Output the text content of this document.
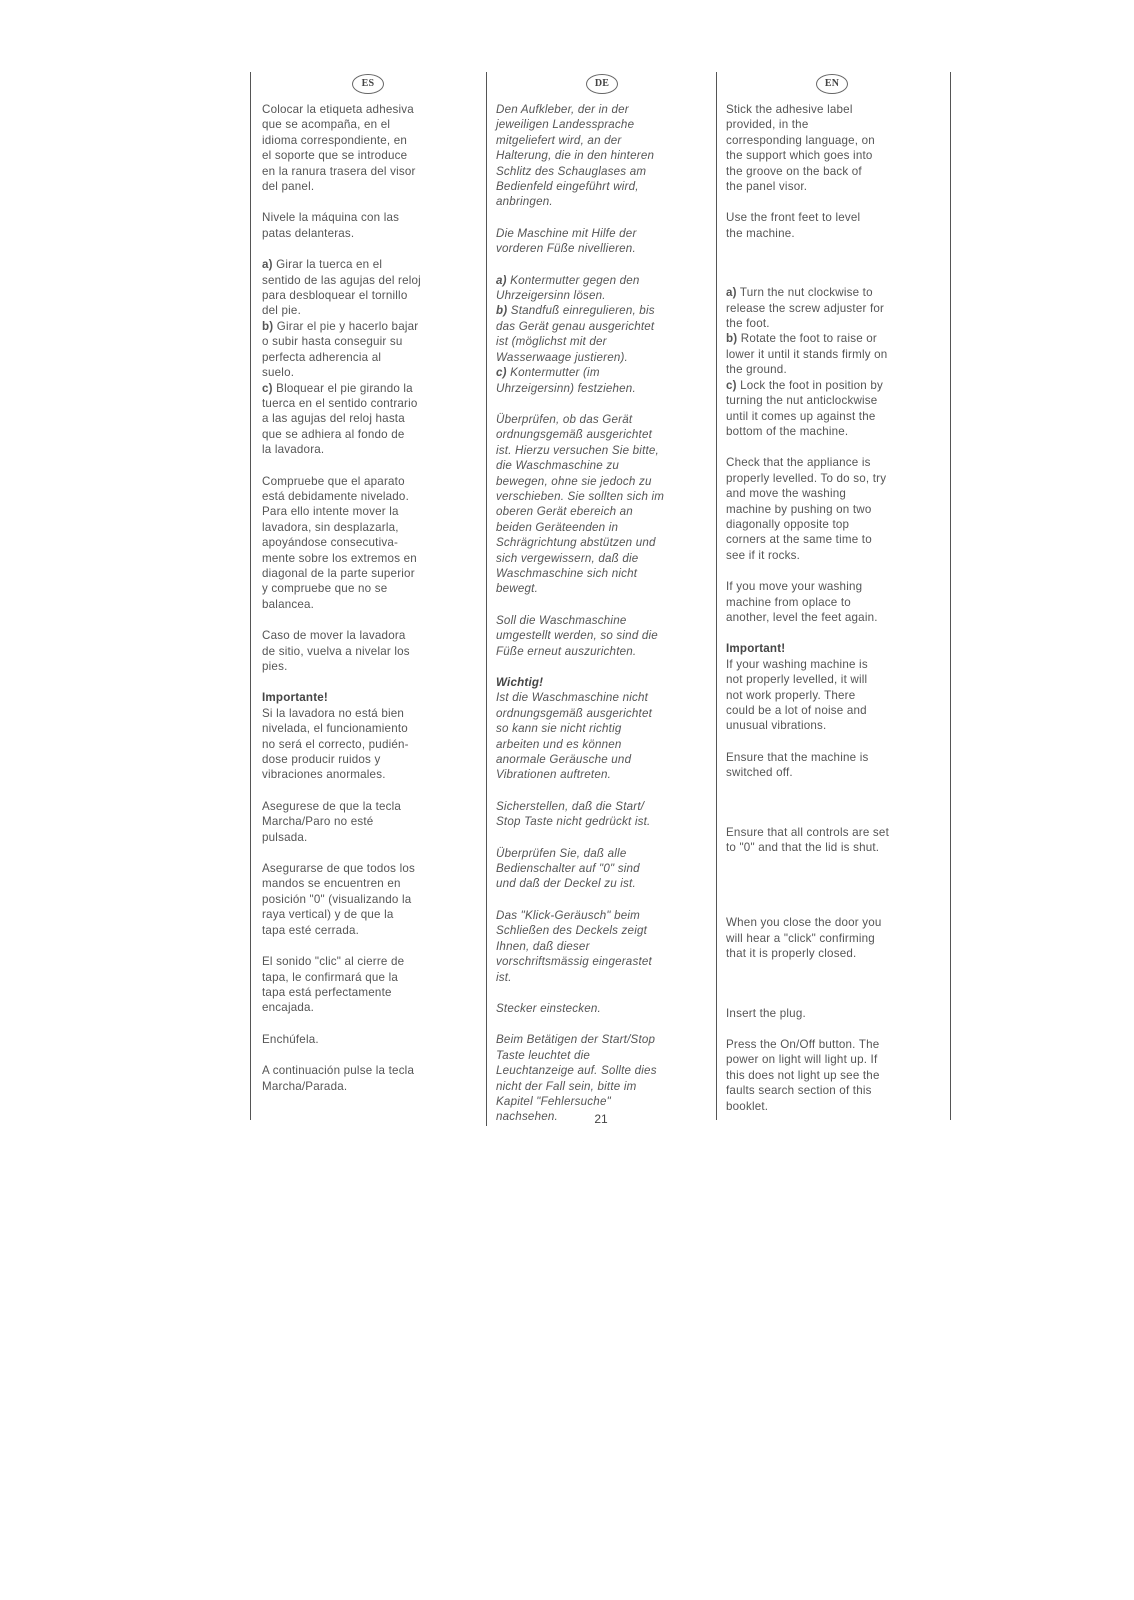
ES
Colocar la etiqueta adhesiva
que se acompaña, en el
idioma correspondiente, en
el soporte que se introduce
en la ranura trasera del visor
del panel.
Nivele la máquina con las
patas delanteras.
a) Girar la tuerca en el
sentido de las agujas del reloj
para desbloquear el tornillo
del pie.
b) Girar el pie y hacerlo bajar
o subir hasta conseguir su
perfecta adherencia al
suelo.
c) Bloquear el pie girando la
tuerca en el sentido contrario
a las agujas del reloj hasta
que se adhiera al fondo de
la lavadora.
Compruebe que el aparato
está debidamente nivelado.
Para ello intente mover la
lavadora, sin desplazarla,
apoyándose consecutiva-
mente sobre los extremos en
diagonal de la parte superior
y compruebe que no se
balancea.
Caso de mover la lavadora
de sitio, vuelva a nivelar los
pies.
Importante!
Si la lavadora no está bien
nivelada, el funcionamiento
no será el correcto, pudién-
dose producir ruidos y
vibraciones anormales.
Asegurese de que la tecla
Marcha/Paro no esté
pulsada.
Asegurarse de que todos los
mandos se encuentren en
posición "0" (visualizando la
raya vertical) y de que la
tapa esté cerrada.
El sonido "clic" al cierre de
tapa, le confirmará que la
tapa está perfectamente
encajada.
Enchúfela.
A continuación pulse la tecla
Marcha/Parada.
DE
Den Aufkleber, der in der
jeweiligen Landessprache
mitgeliefert wird, an der
Halterung, die in den hinteren
Schlitz des Schauglases am
Bedienfeld eingeführt wird,
anbringen.
Die Maschine mit Hilfe der
vorderen Füße nivellieren.
a) Kontermutter gegen den
Uhrzeigersinn lösen.
b) Standfuß einregulieren, bis
das Gerät genau ausgerichtet
ist (möglichst mit der
Wasserwaage justieren).
c) Kontermutter (im
Uhrzeigersinn) festziehen.
Überprüfen, ob das Gerät
ordnungsgemäß ausgerichtet
ist. Hierzu versuchen Sie bitte,
die Waschmaschine zu
bewegen, ohne sie jedoch zu
verschieben. Sie sollten sich im
oberen Gerät ebereich an
beiden Geräteenden in
Schrägrichtung abstützen und
sich vergewissern, daß die
Waschmaschine sich nicht
bewegt.
Soll die Waschmaschine
umgestellt werden, so sind die
Füße erneut auszurichten.
Wichtig!
Ist die Waschmaschine nicht
ordnungsgemäß ausgerichtet
so kann sie nicht richtig
arbeiten und es können
anormale Geräusche und
Vibrationen auftreten.
Sicherstellen, daß die Start/
Stop Taste nicht gedrückt ist.
Überprüfen Sie, daß alle
Bedienschalter auf "0" sind
und daß der Deckel zu ist.
Das "Klick-Geräusch" beim
Schließen des Deckels zeigt
Ihnen, daß dieser
vorschriftsmässig eingerastet
ist.
Stecker einstecken.
Beim Betätigen der Start/Stop
Taste leuchtet die
Leuchtanzeige auf. Sollte dies
nicht der Fall sein, bitte im
Kapitel "Fehlersuche"
nachsehen.
EN
Stick the adhesive label
provided, in the
corresponding language, on
the support which goes into
the groove on the back of
the panel visor.
Use the front feet to level
the machine.
a) Turn the nut clockwise to
release the screw adjuster for
the foot.
b) Rotate the foot to raise or
lower it until it stands firmly on
the ground.
c) Lock the foot in position by
turning the nut anticlockwise
until it comes up against the
bottom of the machine.
Check that the appliance is
properly levelled. To do so, try
and move the washing
machine by pushing on two
diagonally opposite top
corners at the same time to
see if it rocks.
If you move your washing
machine from oplace to
another, level the feet again.
Important!
If your washing machine is
not properly levelled, it will
not work properly. There
could be a lot of noise and
unusual vibrations.
Ensure that the machine is
switched off.
Ensure that all controls are set
to "0" and that the lid is shut.
When you close the door you
will hear a "click" confirming
that it is properly closed.
Insert the plug.
Press the On/Off button. The
power on light will light up. If
this does not light up see the
faults search section of this
booklet.
21
